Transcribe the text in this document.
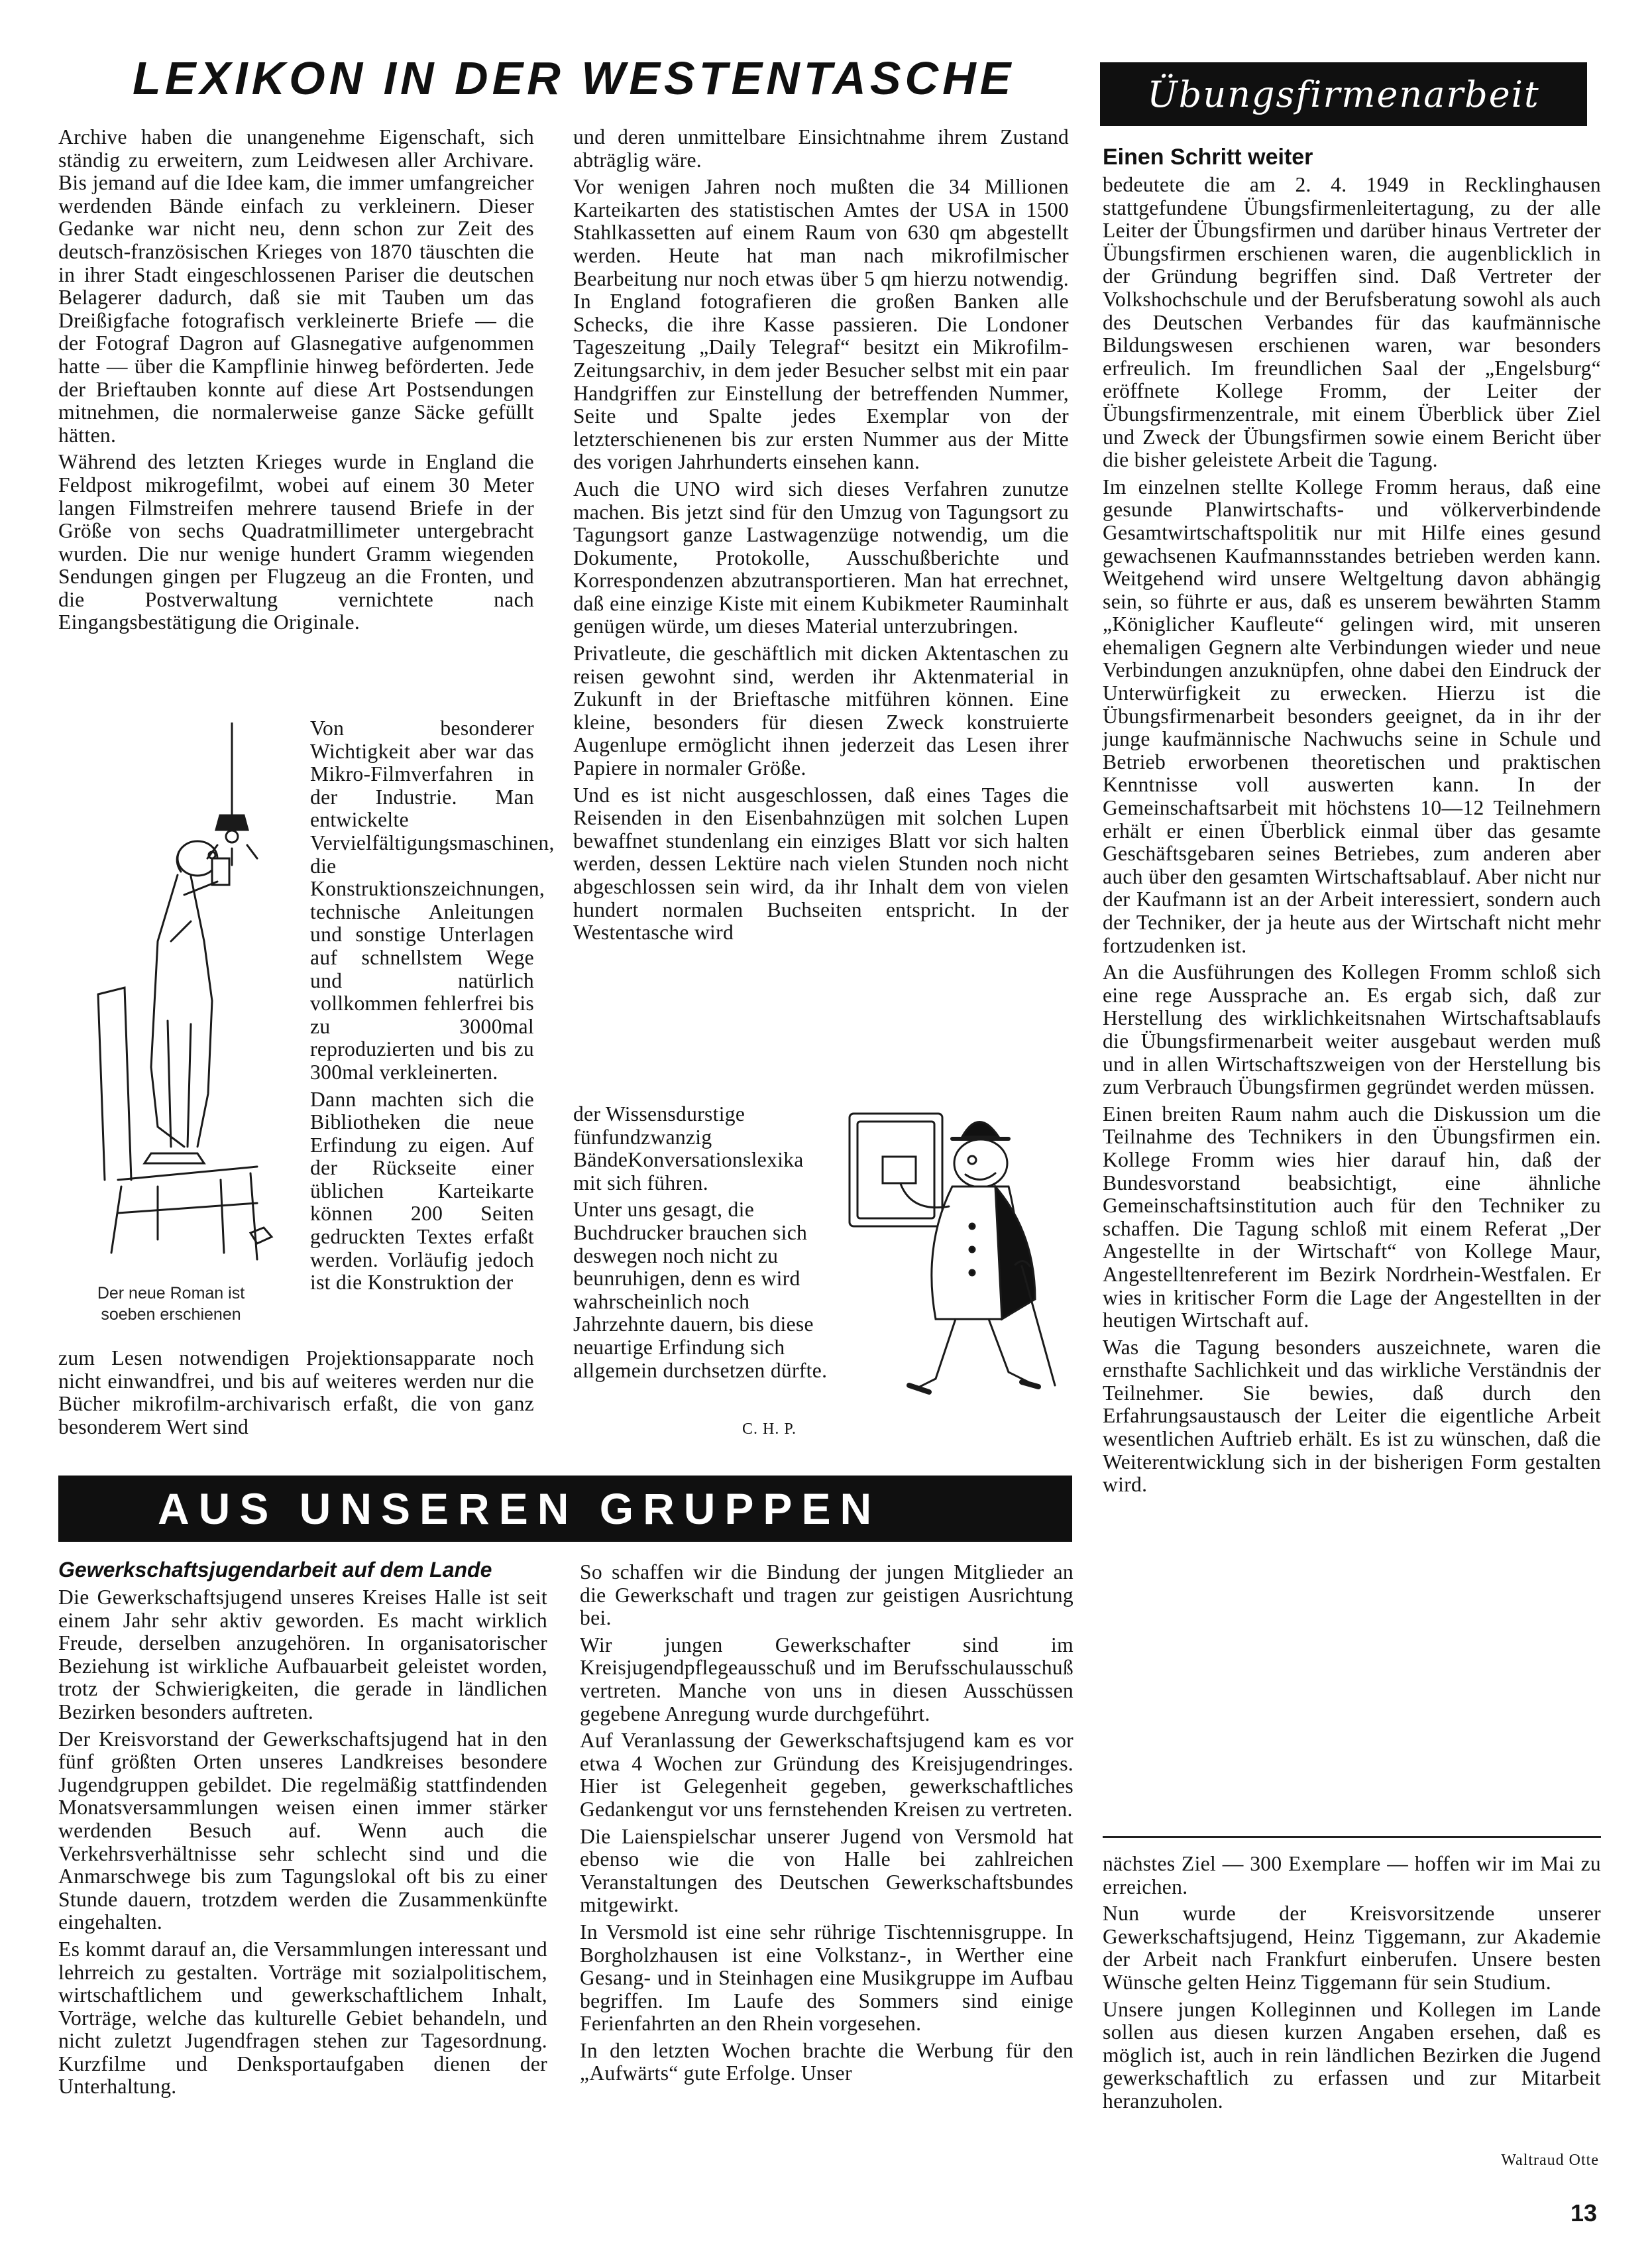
LEXIKON IN DER WESTENTASCHE

Archive haben die unangenehme Eigenschaft, sich ständig zu erweitern, zum Leidwesen aller Archivare. Bis jemand auf die Idee kam, die immer umfangreicher werdenden Bände einfach zu verkleinern. Dieser Gedanke war nicht neu, denn schon zur Zeit des deutsch-französischen Krieges von 1870 täuschten die in ihrer Stadt eingeschlossenen Pariser die deutschen Belagerer dadurch, daß sie mit Tauben um das Dreißigfache fotografisch verkleinerte Briefe — die der Fotograf Dagron auf Glasnegative aufgenommen hatte — über die Kampflinie hinweg beförderten. Jede der Brieftauben konnte auf diese Art Postsendungen mitnehmen, die normalerweise ganze Säcke gefüllt hätten.

Während des letzten Krieges wurde in England die Feldpost mikrogefilmt, wobei auf einem 30 Meter langen Filmstreifen mehrere tausend Briefe in der Größe von sechs Quadratmillimeter untergebracht wurden. Die nur wenige hundert Gramm wiegenden Sendungen gingen per Flugzeug an die Fronten, und die Postverwaltung vernichtete nach Eingangsbestätigung die Originale.

Der neue Roman ist
soeben erschienen

Von besonderer Wichtigkeit aber war das Mikro-Filmverfahren in der Industrie. Man entwickelte Vervielfältigungsmaschinen, die Konstruktionszeichnungen, technische Anleitungen und sonstige Unterlagen auf schnellstem Wege und natürlich vollkommen fehlerfrei bis zu 3000mal reproduzierten und bis zu 300mal verkleinerten.

Dann machten sich die Bibliotheken die neue Erfindung zu eigen. Auf der Rückseite einer üblichen Karteikarte können 200 Seiten gedruckten Textes erfaßt werden. Vorläufig jedoch ist die Konstruktion der

zum Lesen notwendigen Projektionsapparate noch nicht einwandfrei, und bis auf weiteres werden nur die Bücher mikrofilm-archivarisch erfaßt, die von ganz besonderem Wert sind

und deren unmittelbare Einsichtnahme ihrem Zustand abträglig wäre.

Vor wenigen Jahren noch mußten die 34 Millionen Karteikarten des statistischen Amtes der USA in 1500 Stahlkassetten auf einem Raum von 630 qm abgestellt werden. Heute hat man nach mikrofilmischer Bearbeitung nur noch etwas über 5 qm hierzu notwendig. In England fotografieren die großen Banken alle Schecks, die ihre Kasse passieren. Die Londoner Tageszeitung „Daily Telegraf“ besitzt ein Mikrofilm-Zeitungsarchiv, in dem jeder Besucher selbst mit ein paar Handgriffen zur Einstellung der betreffenden Nummer, Seite und Spalte jedes Exemplar von der letzterschienenen bis zur ersten Nummer aus der Mitte des vorigen Jahrhunderts einsehen kann.

Auch die UNO wird sich dieses Verfahren zunutze machen. Bis jetzt sind für den Umzug von Tagungsort zu Tagungsort ganze Lastwagenzüge notwendig, um die Dokumente, Protokolle, Ausschußberichte und Korrespondenzen abzutransportieren. Man hat errechnet, daß eine einzige Kiste mit einem Kubikmeter Rauminhalt genügen würde, um dieses Material unterzubringen.

Privatleute, die geschäftlich mit dicken Aktentaschen zu reisen gewohnt sind, werden ihr Aktenmaterial in Zukunft in der Brieftasche mitführen können. Eine kleine, besonders für diesen Zweck konstruierte Augenlupe ermöglicht ihnen jederzeit das Lesen ihrer Papiere in normaler Größe.

Und es ist nicht ausgeschlossen, daß eines Tages die Reisenden in den Eisenbahnzügen mit solchen Lupen bewaffnet stundenlang ein einziges Blatt vor sich halten werden, dessen Lektüre nach vielen Stunden noch nicht abgeschlossen sein wird, da ihr Inhalt dem von vielen hundert normalen Buchseiten entspricht. In der Westentasche wird

der Wissensdurstige fünfundzwanzig BändeKonversationslexika mit sich führen.

Unter uns gesagt, die Buchdrucker brauchen sich deswegen noch nicht zu beunruhigen, denn es wird wahrscheinlich noch Jahrzehnte dauern, bis diese neuartige Erfindung sich allgemein durchsetzen dürfte.

C. H. P.
Übungsfirmenarbeit
Einen Schritt weiter

bedeutete die am 2. 4. 1949 in Recklinghausen stattgefundene Übungsfirmenleitertagung, zu der alle Leiter der Übungsfirmen und darüber hinaus Vertreter der Übungsfirmen erschienen waren, die augenblicklich in der Gründung begriffen sind. Daß Vertreter der Volkshochschule und der Berufsberatung sowohl als auch des Deutschen Verbandes für das kaufmännische Bildungswesen erschienen waren, war besonders erfreulich. Im freundlichen Saal der „Engelsburg“ eröffnete Kollege Fromm, der Leiter der Übungsfirmenzentrale, mit einem Überblick über Ziel und Zweck der Übungsfirmen sowie einem Bericht über die bisher geleistete Arbeit die Tagung.

Im einzelnen stellte Kollege Fromm heraus, daß eine gesunde Planwirtschafts- und völkerverbindende Gesamtwirtschaftspolitik nur mit Hilfe eines gesund gewachsenen Kaufmannsstandes betrieben werden kann. Weitgehend wird unsere Weltgeltung davon abhängig sein, so führte er aus, daß es unserem bewährten Stamm „Königlicher Kaufleute“ gelingen wird, mit unseren ehemaligen Gegnern alte Verbindungen wieder und neue Verbindungen anzuknüpfen, ohne dabei den Eindruck der Unterwürfigkeit zu erwecken. Hierzu ist die Übungsfirmenarbeit besonders geeignet, da in ihr der junge kaufmännische Nachwuchs seine in Schule und Betrieb erworbenen theoretischen und praktischen Kenntnisse voll auswerten kann. In der Gemeinschaftsarbeit mit höchstens 10—12 Teilnehmern erhält er einen Überblick einmal über das gesamte Geschäftsgebaren seines Betriebes, zum anderen aber auch über den gesamten Wirtschaftsablauf. Aber nicht nur der Kaufmann ist an der Arbeit interessiert, sondern auch der Techniker, der ja heute aus der Wirtschaft nicht mehr fortzudenken ist.

An die Ausführungen des Kollegen Fromm schloß sich eine rege Aussprache an. Es ergab sich, daß zur Herstellung des wirklichkeitsnahen Wirtschaftsablaufs die Übungsfirmenarbeit weiter ausgebaut werden muß und in allen Wirtschaftszweigen von der Herstellung bis zum Verbrauch Übungsfirmen gegründet werden müssen.

Einen breiten Raum nahm auch die Diskussion um die Teilnahme des Technikers in den Übungsfirmen ein. Kollege Fromm wies hier darauf hin, daß der Bundesvorstand beabsichtigt, eine ähnliche Gemeinschaftsinstitution auch für den Techniker zu schaffen. Die Tagung schloß mit einem Referat „Der Angestellte in der Wirtschaft“ von Kollege Maur, Angestelltenreferent im Bezirk Nordrhein-Westfalen. Er wies in kritischer Form die Lage der Angestellten in der heutigen Wirtschaft auf.

Was die Tagung besonders auszeichnete, waren die ernsthafte Sachlichkeit und das wirkliche Verständnis der Teilnehmer. Sie bewies, daß durch den Erfahrungsaustausch der Leiter die eigentliche Arbeit wesentlichen Auftrieb erhält. Es ist zu wünschen, daß die Weiterentwicklung sich in der bisherigen Form gestalten wird.

AUS UNSEREN GRUPPEN
Gewerkschaftsjugendarbeit auf dem Lande

Die Gewerkschaftsjugend unseres Kreises Halle ist seit einem Jahr sehr aktiv geworden. Es macht wirklich Freude, derselben anzugehören. In organisatorischer Beziehung ist wirkliche Aufbauarbeit geleistet worden, trotz der Schwierigkeiten, die gerade in ländlichen Bezirken besonders auftreten.

Der Kreisvorstand der Gewerkschaftsjugend hat in den fünf größten Orten unseres Landkreises besondere Jugendgruppen gebildet. Die regelmäßig stattfindenden Monatsversammlungen weisen einen immer stärker werdenden Besuch auf. Wenn auch die Verkehrsverhältnisse sehr schlecht sind und die Anmarschwege bis zum Tagungslokal oft bis zu einer Stunde dauern, trotzdem werden die Zusammenkünfte eingehalten.

Es kommt darauf an, die Versammlungen interessant und lehrreich zu gestalten. Vorträge mit sozialpolitischem, wirtschaftlichem und gewerkschaftlichem Inhalt, Vorträge, welche das kulturelle Gebiet behandeln, und nicht zuletzt Jugendfragen stehen zur Tagesordnung. Kurzfilme und Denksportaufgaben dienen der Unterhaltung.

So schaffen wir die Bindung der jungen Mitglieder an die Gewerkschaft und tragen zur geistigen Ausrichtung bei.

Wir jungen Gewerkschafter sind im Kreisjugendpflegeausschuß und im Berufsschulausschuß vertreten. Manche von uns in diesen Ausschüssen gegebene Anregung wurde durchgeführt.

Auf Veranlassung der Gewerkschaftsjugend kam es vor etwa 4 Wochen zur Gründung des Kreisjugendringes. Hier ist Gelegenheit gegeben, gewerkschaftliches Gedankengut vor uns fernstehenden Kreisen zu vertreten.

Die Laienspielschar unserer Jugend von Versmold hat ebenso wie die von Halle bei zahlreichen Veranstaltungen des Deutschen Gewerkschaftsbundes mitgewirkt.

In Versmold ist eine sehr rührige Tischtennisgruppe. In Borgholzhausen ist eine Volkstanz-, in Werther eine Gesang- und in Steinhagen eine Musikgruppe im Aufbau begriffen. Im Laufe des Sommers sind einige Ferienfahrten an den Rhein vorgesehen.

In den letzten Wochen brachte die Werbung für den „Aufwärts“ gute Erfolge. Unser

nächstes Ziel — 300 Exemplare — hoffen wir im Mai zu erreichen.

Nun wurde der Kreisvorsitzende unserer Gewerkschaftsjugend, Heinz Tiggemann, zur Akademie der Arbeit nach Frankfurt einberufen. Unsere besten Wünsche gelten Heinz Tiggemann für sein Studium.

Unsere jungen Kolleginnen und Kollegen im Lande sollen aus diesen kurzen Angaben ersehen, daß es möglich ist, auch in rein ländlichen Bezirken die Jugend gewerkschaftlich zu erfassen und zur Mitarbeit heranzuholen.

Waltraud Otte
13
